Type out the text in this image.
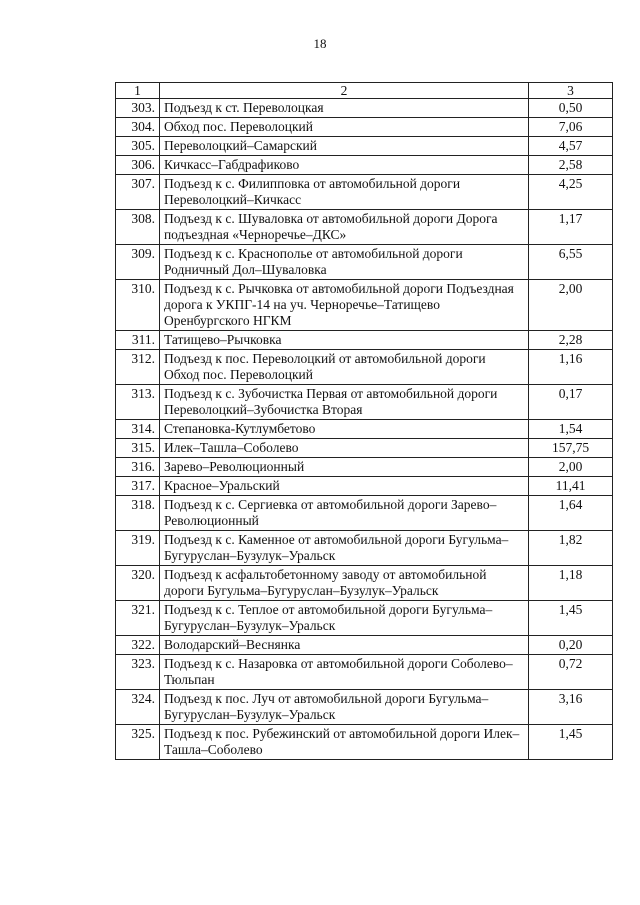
18
1	2	3
303.	Подъезд к ст. Переволоцкая	0,50
304.	Обход пос. Переволоцкий	7,06
305.	Переволоцкий–Самарский	4,57
306.	Кичкасс–Габдрафиково	2,58
307.	Подъезд к с. Филипповка от автомобильной дороги Переволоцкий–Кичкасс	4,25
308.	Подъезд к с. Шуваловка от автомобильной дороги Дорога подъездная «Черноречье–ДКС»	1,17
309.	Подъезд к с. Краснополье от автомобильной дороги Родничный Дол–Шуваловка	6,55
310.	Подъезд к с. Рычковка от автомобильной дороги Подъездная дорога к УКПГ-14 на уч. Черноречье–Татищево Оренбургского НГКМ	2,00
311.	Татищево–Рычковка	2,28
312.	Подъезд к пос. Переволоцкий от автомобильной дороги Обход пос. Переволоцкий	1,16
313.	Подъезд к с. Зубочистка Первая от автомобильной дороги Переволоцкий–Зубочистка Вторая	0,17
314.	Степановка-Кутлумбетово	1,54
315.	Илек–Ташла–Соболево	157,75
316.	Зарево–Революционный	2,00
317.	Красное–Уральский	11,41
318.	Подъезд к с. Сергиевка от автомобильной дороги Зарево–Революционный	1,64
319.	Подъезд к с. Каменное от автомобильной дороги Бугульма–Бугуруслан–Бузулук–Уральск	1,82
320.	Подъезд к асфальтобетонному заводу от автомобильной дороги Бугульма–Бугуруслан–Бузулук–Уральск	1,18
321.	Подъезд к с. Теплое от автомобильной дороги Бугульма–Бугуруслан–Бузулук–Уральск	1,45
322.	Володарский–Веснянка	0,20
323.	Подъезд к с. Назаровка от автомобильной дороги Соболево–Тюльпан	0,72
324.	Подъезд к пос. Луч от автомобильной дороги Бугульма–Бугуруслан–Бузулук–Уральск	3,16
325.	Подъезд к пос. Рубежинский от автомобильной дороги Илек–Ташла–Соболево	1,45
